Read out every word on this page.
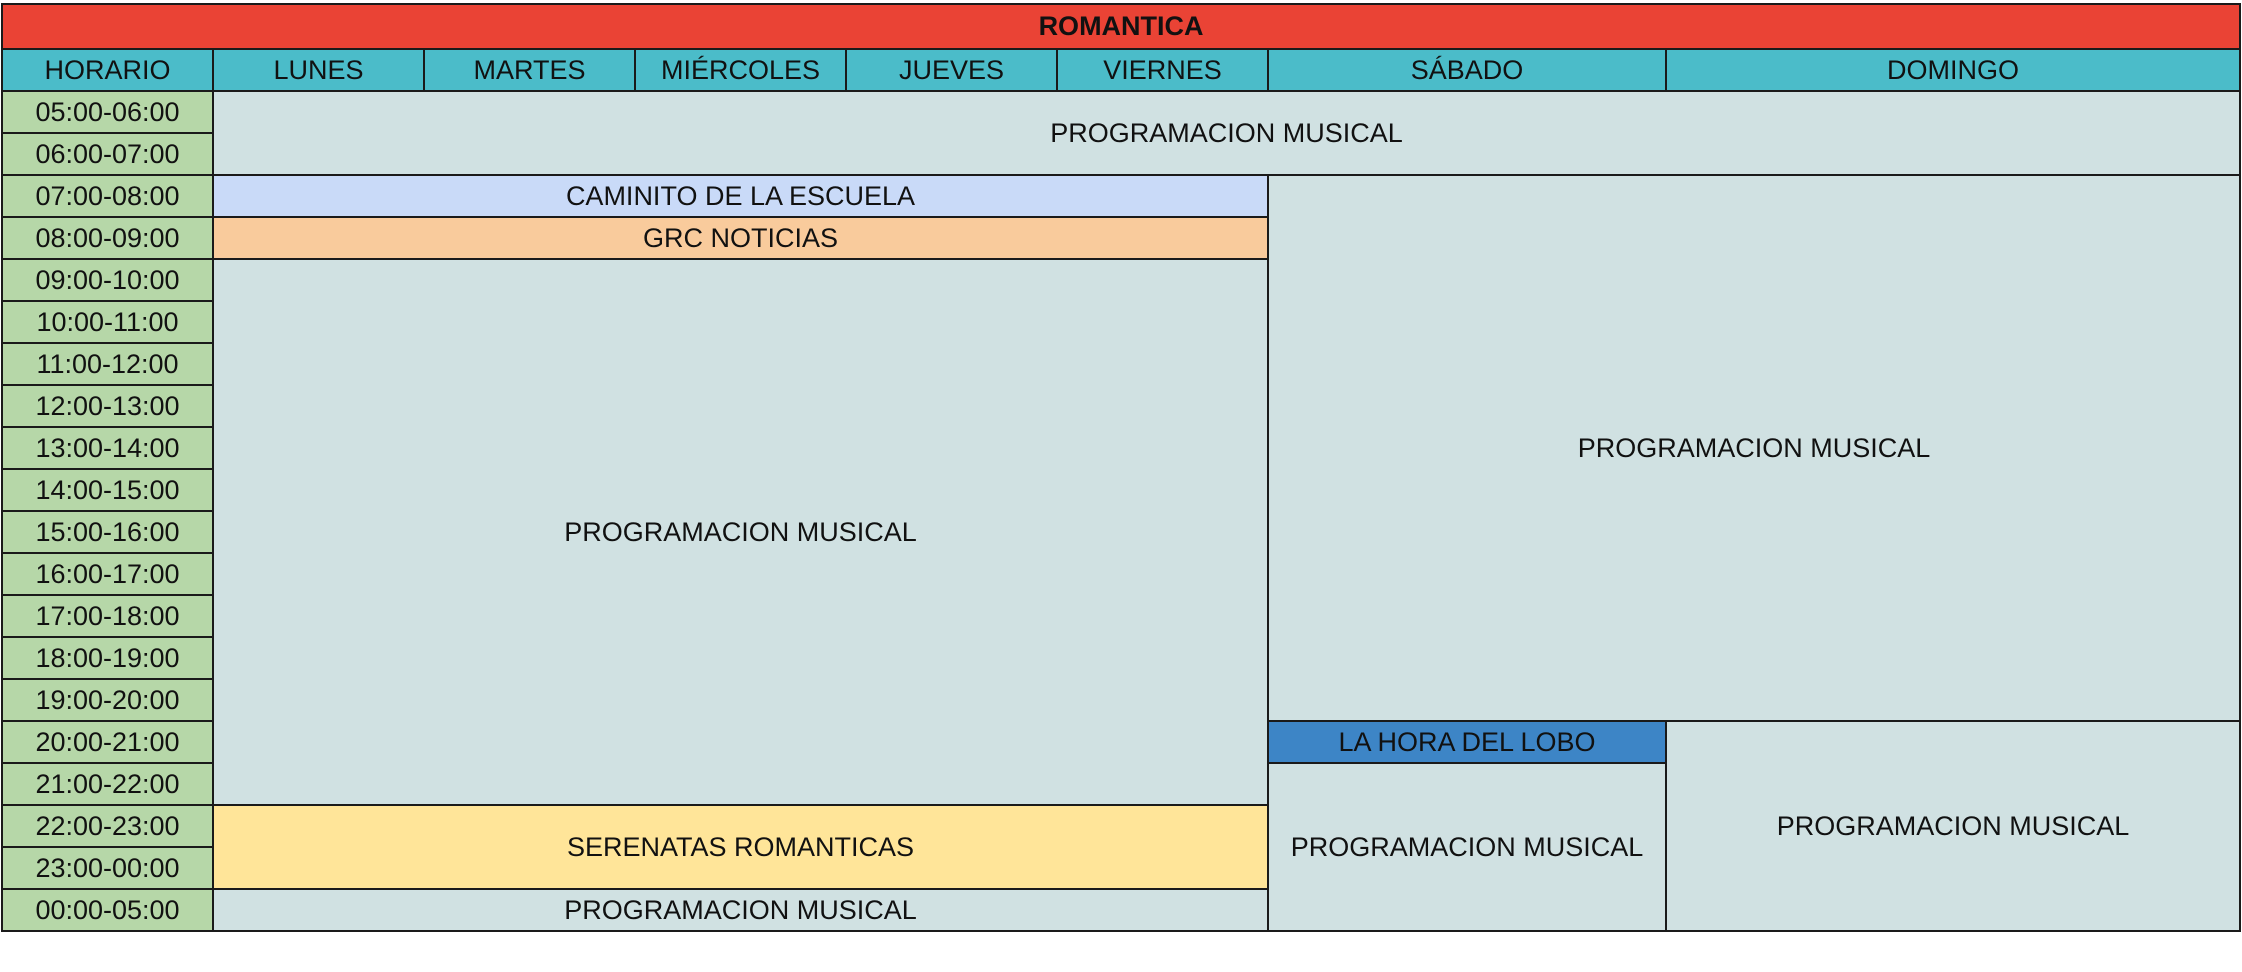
ROMANTICA							
HORARIO	LUNES	MARTES	MIÉRCOLES	JUEVES	VIERNES	SÁBADO	DOMINGO
05:00-06:00	PROGRAMACION MUSICAL						
06:00-07:00							
07:00-08:00	CAMINITO DE LA ESCUELA					PROGRAMACION MUSICAL	
08:00-09:00	GRC NOTICIAS						
09:00-10:00	PROGRAMACION MUSICAL						
10:00-11:00							
11:00-12:00							
12:00-13:00							
13:00-14:00							
14:00-15:00							
15:00-16:00							
16:00-17:00							
17:00-18:00							
18:00-19:00							
19:00-20:00							
20:00-21:00						LA HORA DEL LOBO	PROGRAMACION MUSICAL
21:00-22:00						PROGRAMACION MUSICAL	
22:00-23:00	SERENATAS ROMANTICAS						
23:00-00:00							
00:00-05:00	PROGRAMACION MUSICAL						
